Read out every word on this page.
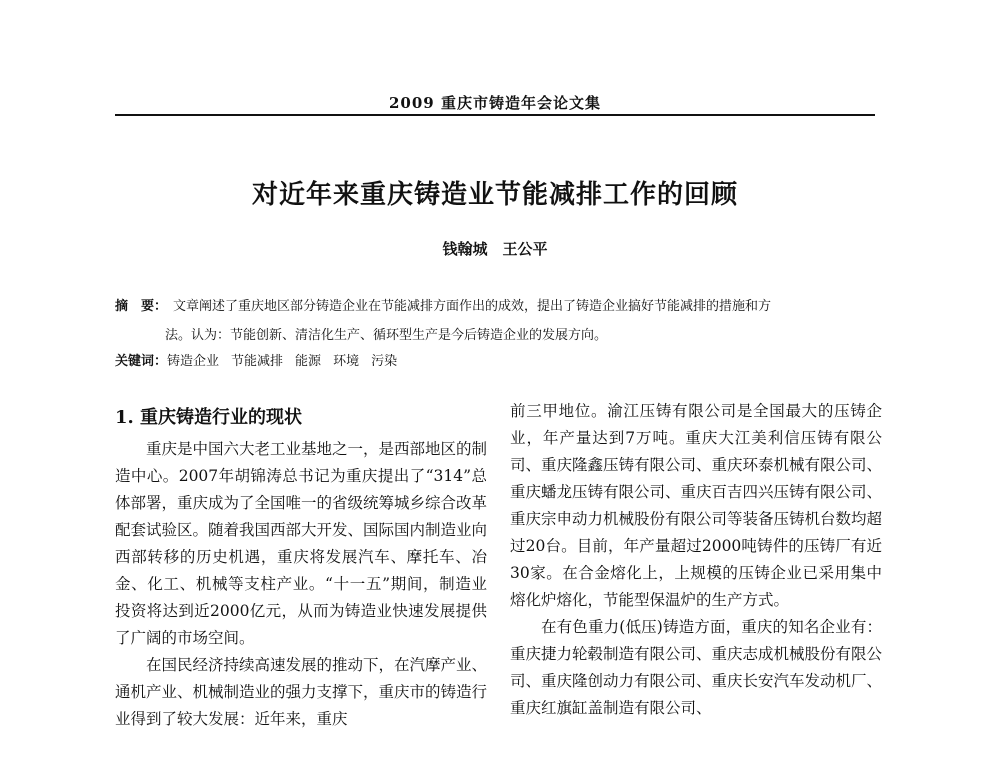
2009 重庆市铸造年会论文集
对近年来重庆铸造业节能减排工作的回顾
钱翰城　 王公平
摘　要： 文章阐述了重庆地区部分铸造企业在节能减排方面作出的成效，提出了铸造企业搞好节能减排的措施和方
法。认为：节能创新、清洁化生产、循环型生产是今后铸造企业的发展方向。
关键词：铸造企业 节能减排 能源 环境 污染
1. 重庆铸造行业的现状

重庆是中国六大老工业基地之一，是西部地区的制造中心。2007年胡锦涛总书记为重庆提出了“314”总体部署，重庆成为了全国唯一的省级统筹城乡综合改革配套试验区。随着我国西部大开发、国际国内制造业向西部转移的历史机遇，重庆将发展汽车、摩托车、冶金、化工、机械等支柱产业。“十一五”期间，制造业投资将达到近2000亿元，从而为铸造业快速发展提供了广阔的市场空间。

在国民经济持续高速发展的推动下，在汽摩产业、通机产业、机械制造业的强力支撑下，重庆市的铸造行业得到了较大发展：近年来，重庆

前三甲地位。渝江压铸有限公司是全国最大的压铸企业，年产量达到7万吨。重庆大江美利信压铸有限公司、重庆隆鑫压铸有限公司、重庆环泰机械有限公司、重庆蟠龙压铸有限公司、重庆百吉四兴压铸有限公司、重庆宗申动力机械股份有限公司等装备压铸机台数均超过20台。目前，年产量超过2000吨铸件的压铸厂有近30家。在合金熔化上，上规模的压铸企业已采用集中熔化炉熔化，节能型保温炉的生产方式。

在有色重力(低压)铸造方面，重庆的知名企业有：重庆捷力轮毂制造有限公司、重庆志成机械股份有限公司、重庆隆创动力有限公司、重庆长安汽车发动机厂、重庆红旗缸盖制造有限公司、
